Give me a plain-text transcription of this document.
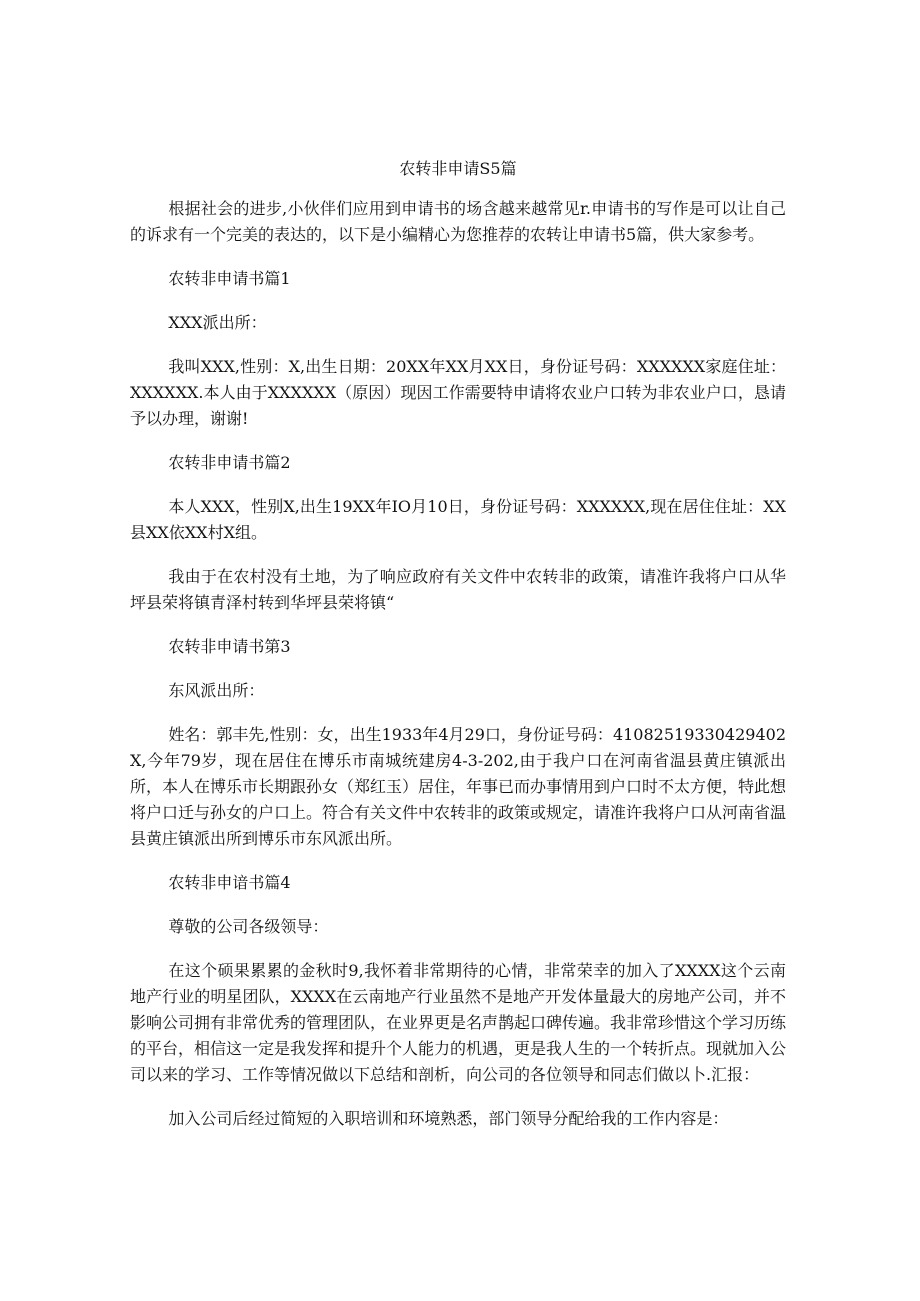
农转非申请S5篇

根据社会的进步,小伙伴们应用到申请书的场含越来越常见r.申请书的写作是可以让自己的诉求有一个完美的表达的，以下是小编精心为您推荐的农转让申请书5篇，供大家参考。

农转非申请书篇1

XXX派出所：

我叫XXX,性别：X,出生日期：20XX年XX月XX日，身份证号码：XXXXXX家庭住址：XXXXXX.本人由于XXXXXX（原因）现因工作需要特申请将农业户口转为非农业户口，恳请予以办理，谢谢!

农转非申请书篇2

本人XXX，性别X,出生19XX年IO月10日，身份证号码：XXXXXX,现在居住住址：XX县XX依XX村X组。

我由于在农村没有土地，为了响应政府有关文件中农转非的政策，请准许我将户口从华坪县荣将镇青泽村转到华坪县荣将镇“

农转非申请书第3

东风派出所：

姓名：郭丰先,性别：女，出生1933年4月29口，身份证号码：41082519330429402X,今年79岁，现在居住在博乐市南城统建房4-3-202,由于我户口在河南省温县黄庄镇派出所，本人在博乐市长期跟孙女（郑红玉）居住，年事已而办事情用到户口时不太方便，特此想将户口迁与孙女的户口上。符合有关文件中农转非的政策或规定，请准许我将户口从河南省温县黄庄镇派出所到博乐市东风派出所。

农转非申谙书篇4

尊敬的公司各级领导：

在这个硕果累累的金秋时9,我怀着非常期待的心情，非常荣幸的加入了XXXX这个云南地产行业的明星团队，XXXX在云南地产行业虽然不是地产开发体量最大的房地产公司，并不影响公司拥有非常优秀的管理团队，在业界更是名声鹊起口碑传遍。我非常珍惜这个学习历练的平台，相信这一定是我发挥和提升个人能力的机遇，更是我人生的一个转折点。现就加入公司以来的学习、工作等情况做以下总结和剖析，向公司的各位领导和同志们做以卜.汇报：

加入公司后经过简短的入职培训和环境熟悉，部门领导分配给我的工作内容是：
